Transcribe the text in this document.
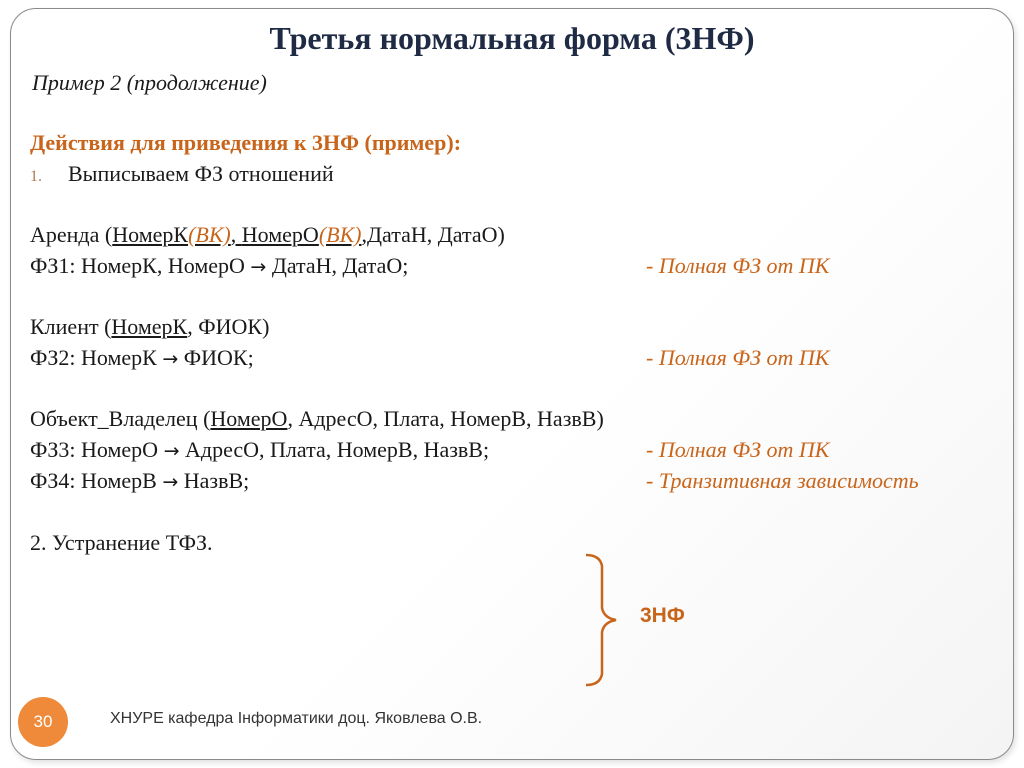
Третья нормальная форма (3НФ)
Пример 2 (продолжение)
Действия для приведения к 3НФ (пример):
1. Выписываем ФЗ отношений
Аренда (НомерК(ВК), НомерО(ВК),ДатаН, ДатаО)
ФЗ1: НомерК, НомерО → ДатаН, ДатаО;	- Полная ФЗ от ПК
Клиент (НомерК, ФИОК)
ФЗ2: НомерК → ФИОК;	- Полная ФЗ от ПК
Объект_Владелец (НомерО, АдресО, Плата, НомерВ, НазвВ)
ФЗ3: НомерО → АдресО, Плата, НомерВ, НазвВ;	- Полная ФЗ от ПК
ФЗ4: НомерВ → НазвВ;	- Транзитивная зависимость
2. Устранение ТФЗ.
3НФ
30	ХНУРЕ кафедра Інформатики доц. Яковлева О.В.
